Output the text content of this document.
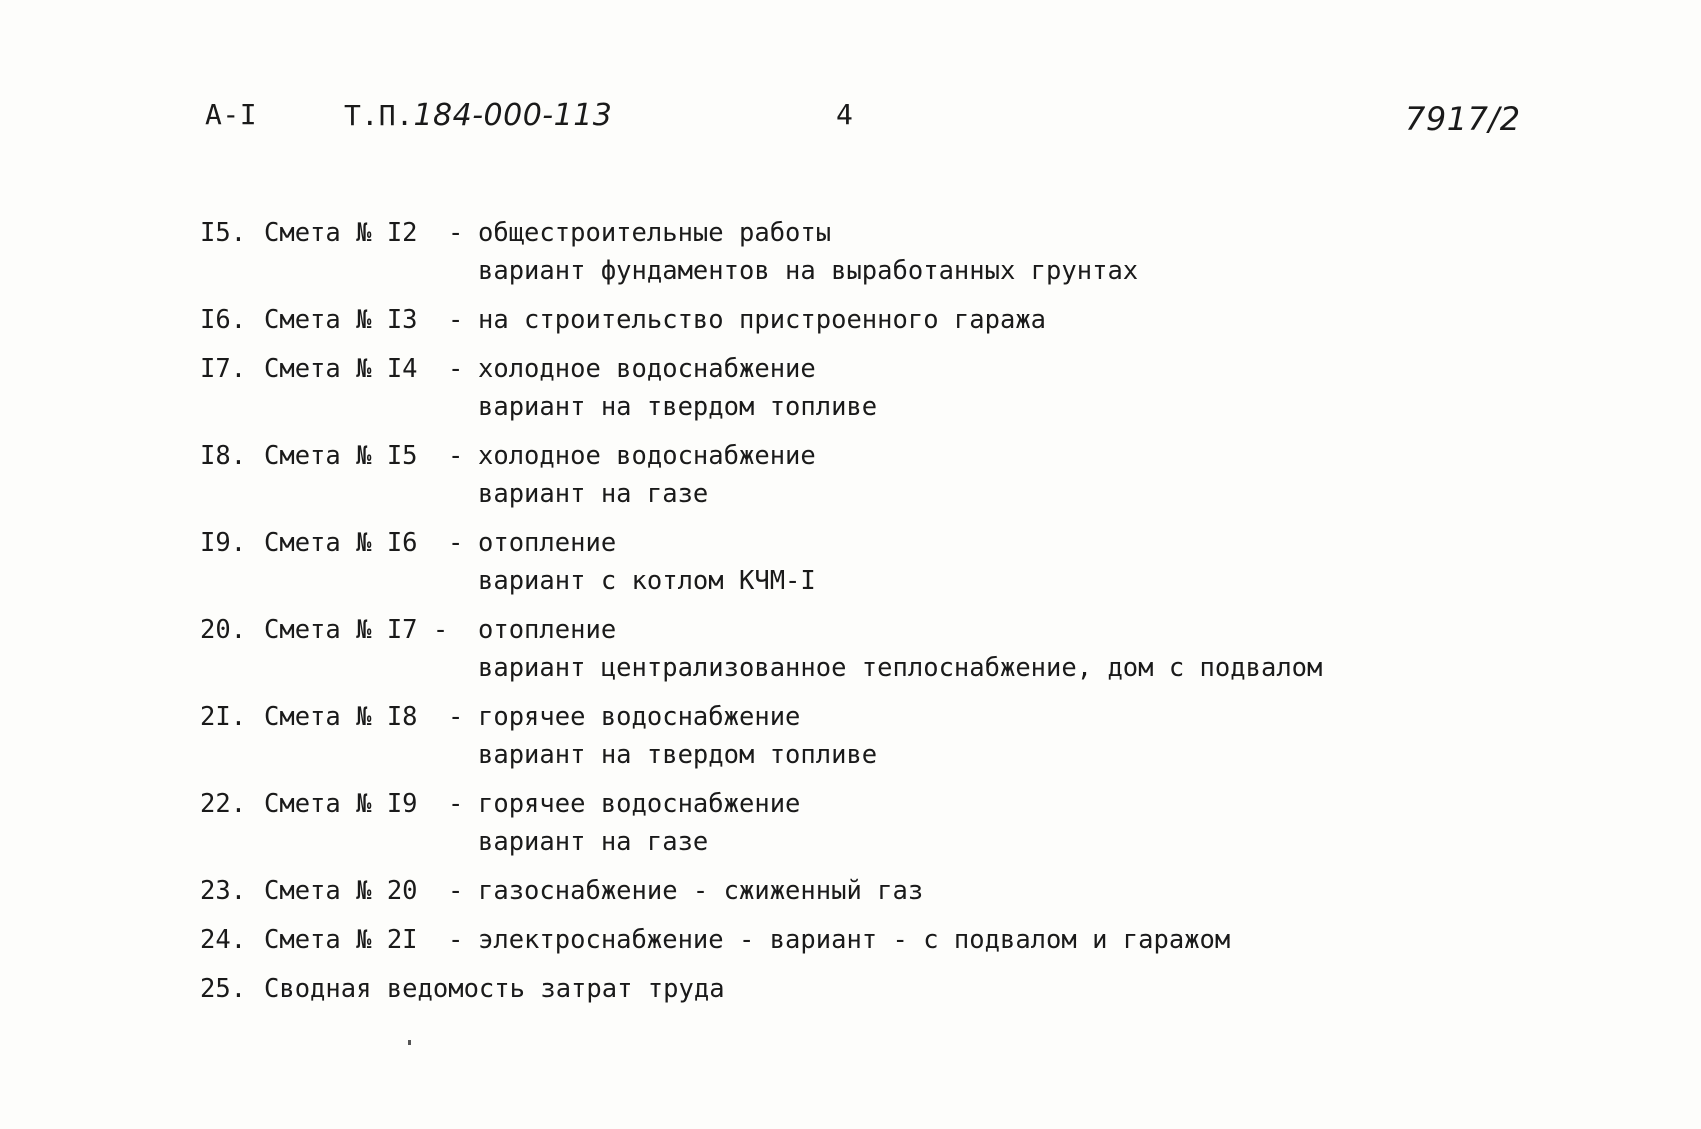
А-I	Т.П.184-000-113	4	7917/2
I5. Смета № I2	- общестроительные работы
вариант фундаментов на выработанных грунтах
I6. Смета № I3	- на строительство пристроенного гаража
I7. Смета № I4	- холодное водоснабжение
вариант на твердом топливе
I8. Смета № I5	- холодное водоснабжение
вариант на газе
I9. Смета № I6	- отопление
вариант с котлом КЧМ-I
20. Смета № I7 - отопление
вариант централизованное теплоснабжение, дом с подвалом
2I. Смета № I8	- горячее водоснабжение
вариант на твердом топливе
22. Смета № I9	- горячее водоснабжение
вариант на газе
23. Смета № 20	- газоснабжение - сжиженный газ
24. Смета № 2I	- электроснабжение - вариант - с подвалом и гаражом
25. Сводная ведомость затрат труда
